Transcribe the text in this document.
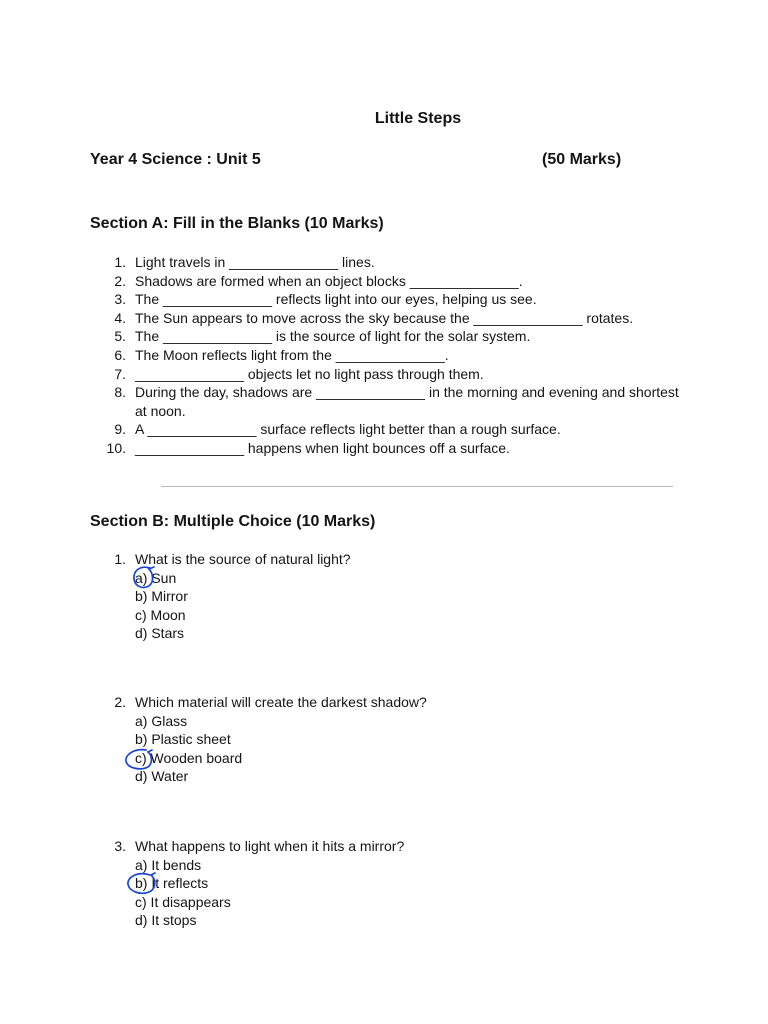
Little Steps
Year 4 Science : Unit 5	(50 Marks)
Section A: Fill in the Blanks (10 Marks)
1. Light travels in ______________ lines.
2. Shadows are formed when an object blocks ______________.
3. The ______________ reflects light into our eyes, helping us see.
4. The Sun appears to move across the sky because the ______________ rotates.
5. The ______________ is the source of light for the solar system.
6. The Moon reflects light from the ______________.
7. ______________ objects let no light pass through them.
8. During the day, shadows are ______________ in the morning and evening and shortest at noon.
9. A ______________ surface reflects light better than a rough surface.
10. ______________ happens when light bounces off a surface.
Section B: Multiple Choice (10 Marks)
1. What is the source of natural light?
a) Sun
b) Mirror
c) Moon
d) Stars
2. Which material will create the darkest shadow?
a) Glass
b) Plastic sheet
c) Wooden board
d) Water
3. What happens to light when it hits a mirror?
a) It bends
b) It reflects
c) It disappears
d) It stops
